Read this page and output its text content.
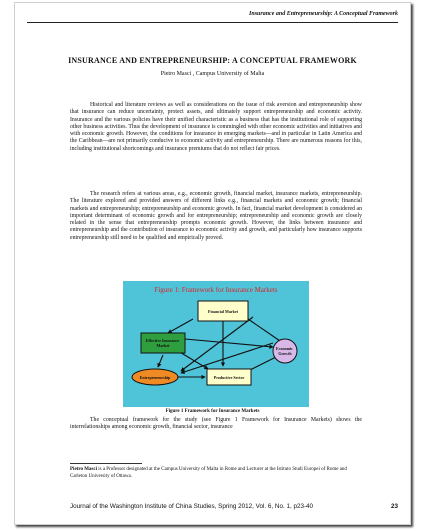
Insurance and Entrepreneurship: A Conceptual Framework
INSURANCE AND ENTREPRENEURSHIP: A CONCEPTUAL FRAMEWORK
Pietro Masci , Campus University of Malta
Historical and literature reviews as well as considerations on the issue of risk aversion and entrepreneurship show that insurance can reduce uncertainty, protect assets, and ultimately support entrepreneurship and economic activity. Insurance and the various policies have their unified characteristic as a business that has the institutional role of supporting other business activities. Thus the development of insurance is commingled with other economic activities and initiatives and with economic growth. However, the conditions for insurance in emerging markets—and in particular in Latin America and the Caribbean—are not primarily conducive to economic activity and entrepreneurship. There are numerous reasons for this, including institutional shortcomings and insurance premiums that do not reflect fair prices.
The research refers at various areas, e.g., economic growth, financial market, insurance markets, entrepreneurship. The literature explored and provided answers of different links e.g., financial markets and economic growth; financial markets and entrepreneurship; entrepreneurship and economic growth. In fact, financial market development is considered an important determinant of economic growth and for entrepreneurship; entrepreneurship and economic growth are closely related in the sense that entrepreneurship prompts economic growth. However, the links between insurance and entrepreneurship and the contribution of insurance to economic activity and growth, and particularly how insurance supports entrepreneurship still need to be qualified and empirically proved.
Figure 1: Framework for Insurance Markets
Financial Market
Effective Insurance Market
Economic Growth
Entrepreneurship	Productive Sector
Figure 1 Framework for Insurance Markets
The conceptual framework for the study (see Figure 1 Framework for Insurance Markets) shows the interrelationships among economic growth, financial sector, insurance
Pietro Masci is a Professor designated at the Campus University of Malta in Rome and Lecturer at the Istituto Studi Europei of Rome and Carleton University of Ottawa.
Journal of the Washington Institute of China Studies, Spring 2012, Vol. 6, No. 1, p23-40	23
